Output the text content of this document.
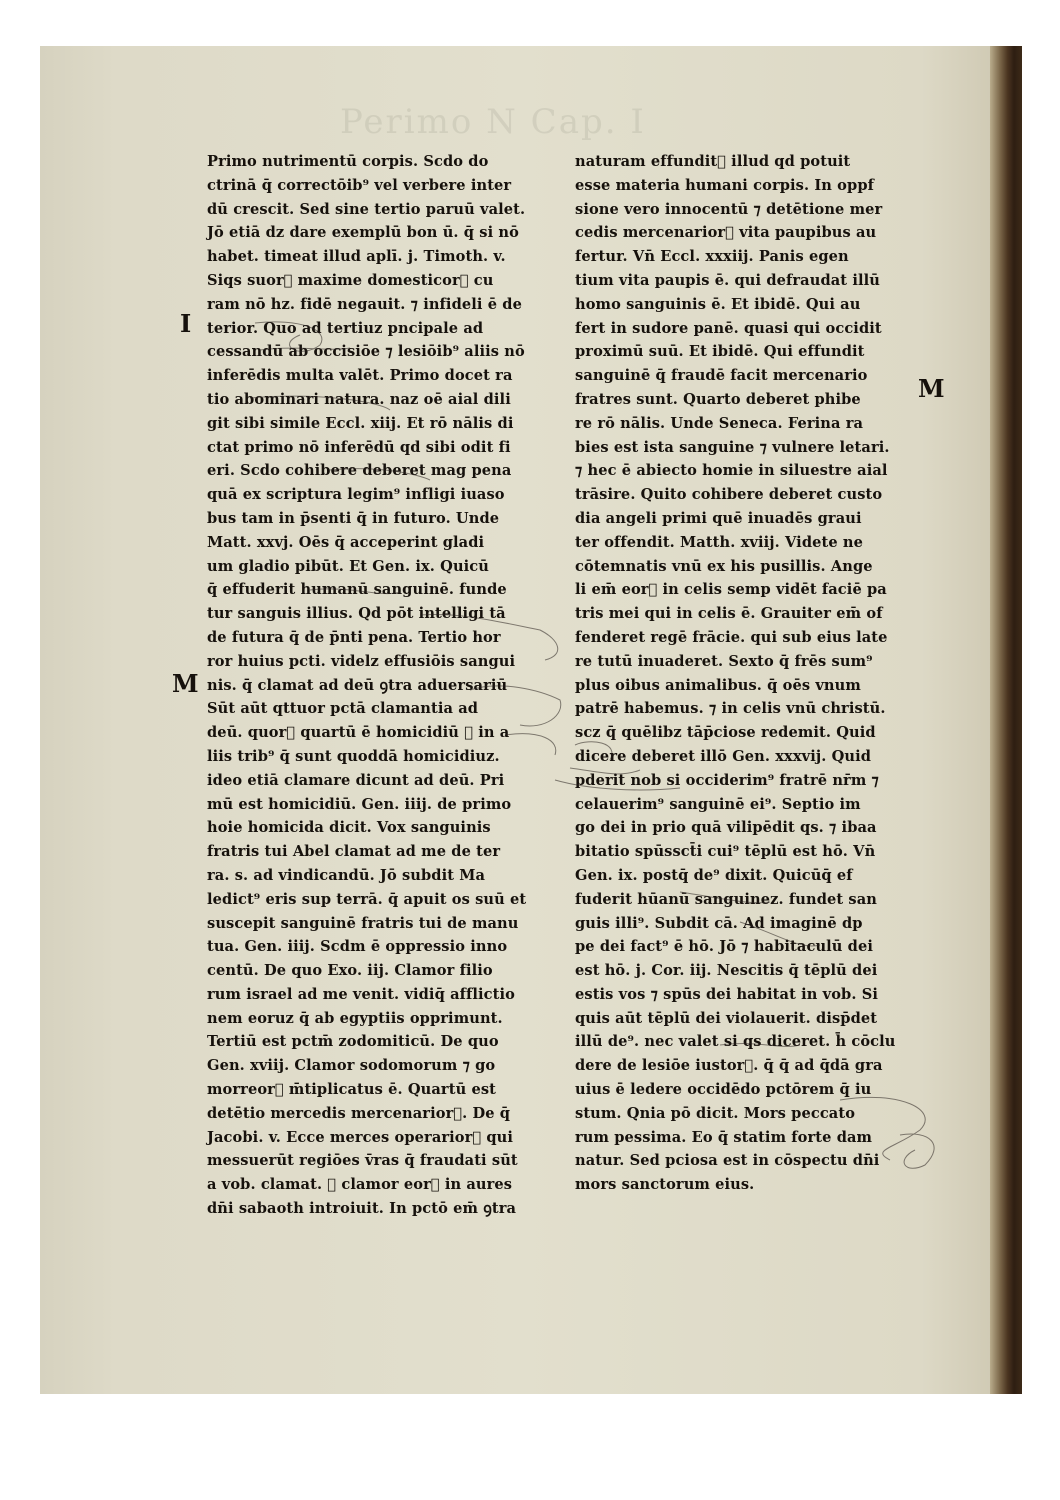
Perimo N Cap. I
Primo nutrimentū corpis. Scdo do
ctrinā q̄ correctōib⁹ vel verbere inter
dū crescit. Sed sine tertio paruū valet.
Jō etiā dz dare exemplū bon ū. q̄ si nō
habet. timeat illud aplī. j. Timoth. v.
Siqs suor᷑ maxime domesticor᷑ cu
ram nō hz. fidē negauit. ⁊ infideli ē de
terior. Quo ad tertiuz pncipale ad
cessandū ab occisiōe ⁊ lesiōib⁹ aliis nō
inferēdis multa valēt. Primo docet ra
tio abominari natura. naz oē aial dili
git sibi simile Eccl. xiij. Et rō nālis di
ctat primo nō inferēdū qd sibi odit fi
eri. Scdo cohibere deberet mag pena
quā ex scriptura legim⁹ infligi iuaso
bus tam in p̄senti q̄ in futuro. Unde
Matt. xxvj. Oēs q̄ acceperint gladi
um gladio pibūt. Et Gen. ix. Quicū
q̄ effuderit humanū sanguinē. funde
tur sanguis illius. Qd pōt intelligi tā
de futura q̄ de p̄nti pena. Tertio hor
ror huius pcti. videlz effusiōis sangui
nis. q̄ clamat ad deū ꝯtra aduersariū
Sūt aūt qttuor pctā clamantia ad
deū. quor᷑ quartū ē homicidiū ⁊ in a
liis trib⁹ q̄ sunt quoddā homicidiuz.
ideo etiā clamare dicunt ad deū. Pri
mū est homicidiū. Gen. iiij. de primo
hoie homicida dicit. Vox sanguinis
fratris tui Abel clamat ad me de ter
ra. s. ad vindicandū. Jō subdit Ma
ledict⁹ eris sup terrā. q̄ apuit os suū et
suscepit sanguinē fratris tui de manu
tua. Gen. iiij. Scdm ē oppressio inno
centū. De quo Exo. iij. Clamor filio
rum israel ad me venit. vidiq̄ afflictio
nem eoruz q̄ ab egyptiis opprimunt.
Tertiū est pctm̄ zodomiticū. De quo
Gen. xviij. Clamor sodomorum ⁊ go
morreor᷑ m̄tiplicatus ē. Quartū est
detētio mercedis mercenarior᷑. De q̄
Jacobi. v. Ecce merces operarior᷑ qui
messuerūt regiōes v̄ras q̄ fraudati sūt
a vob. clamat. ⁊ clamor eor᷑ in aures
dn̄i sabaoth introiuit. In pctō em̄ ꝯtra
naturam effundit᷑ illud qd potuit
esse materia humani corpis. In oppf
sione vero innocentū ⁊ detētione mer
cedis mercenarior᷑ vita paupibus au
fertur. Vn̄ Eccl. xxxiij. Panis egen
tium vita paupis ē. qui defraudat illū
homo sanguinis ē. Et ibidē. Qui au
fert in sudore panē. quasi qui occidit
proximū suū. Et ibidē. Qui effundit
sanguinē q̄ fraudē facit mercenario
fratres sunt. Quarto deberet phibe
re rō nālis. Unde Seneca. Ferina ra
bies est ista sanguine ⁊ vulnere letari.
⁊ hec ē abiecto homie in siluestre aial
trāsire. Quito cohibere deberet custo
dia angeli primi quē inuadēs graui
ter offendit. Matth. xviij. Videte ne
cōtemnatis vnū ex his pusillis. Ange
li em̄ eor᷑ in celis semp vidēt faciē pa
tris mei qui in celis ē. Grauiter em̄ of
fenderet regē frācie. qui sub eius late
re tutū inuaderet. Sexto q̄ frēs sum⁹
plus oibus animalibus. q̄ oēs vnum
patrē habemus. ⁊ in celis vnū christū.
scz q̄ quēlibz tāp̄ciose redemit. Quid
dicere deberet illō Gen. xxxvij. Quid
pderit nob si occiderim⁹ fratrē nr̄m ⁊
celauerim⁹ sanguinē ei⁹. Septio im
go dei in prio quā vilipēdit qs. ⁊ ibaa
bitatio spūssct̄i cui⁹ tēplū est hō. Vn̄
Gen. ix. postq̄ de⁹ dixit. Quicūq̄ ef
fuderit hūanū sanguinez. fundet san
guis illi⁹. Subdit cā. Ad imaginē dp
pe dei fact⁹ ē hō. Jō ⁊ habitaculū dei
est hō. j. Cor. iij. Nescitis q̄ tēplū dei
estis vos ⁊ spūs dei habitat in vob. Si
quis aūt tēplū dei violauerit. disp̄det
illū de⁹. nec valet si qs diceret. h̄ cōclu
dere de lesiōe iustor᷑. q̄ q̄ ad q̄dā gra
uius ē ledere occidēdo pctōrem q̄ iu
stum. Qnia pō dicit. Mors peccato
rum pessima. Eo q̄ statim forte dam
natur. Sed pciosa est in cōspectu dn̄i
mors sanctorum eius.
I
M
M
